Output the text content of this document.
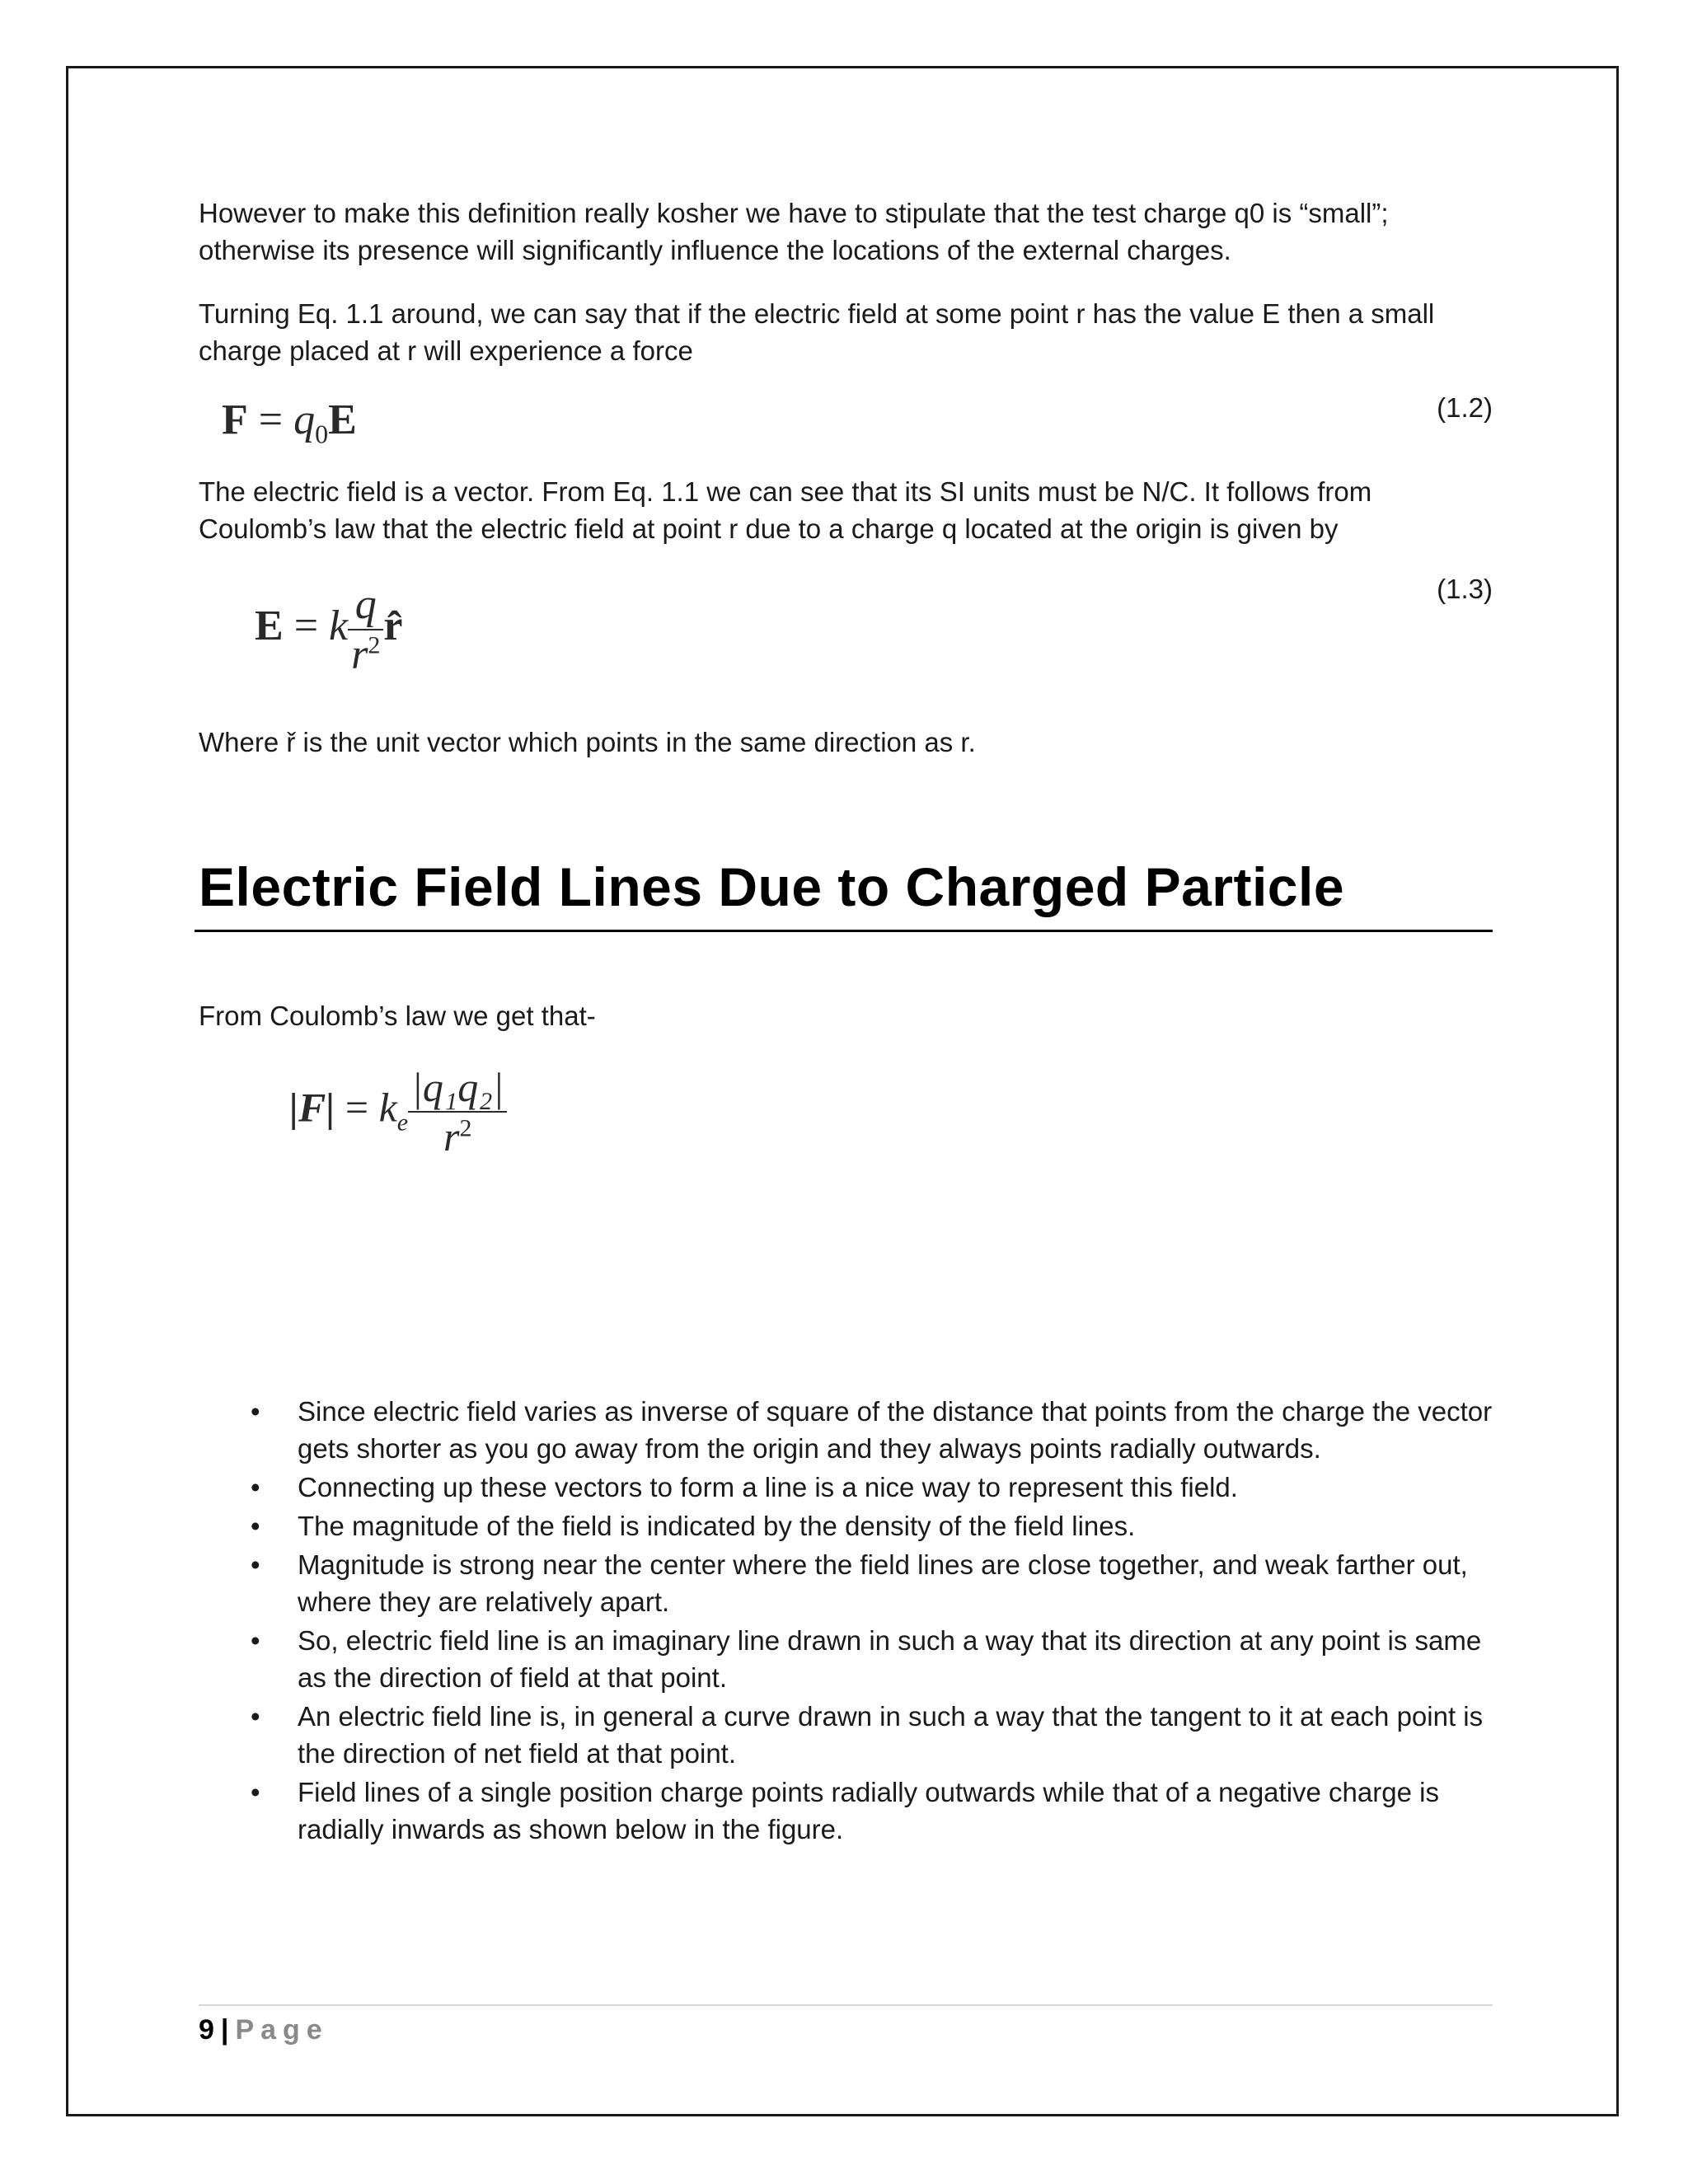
However to make this definition really kosher we have to stipulate that the test charge q0 is “small”; otherwise its presence will significantly influence the locations of the external charges.

Turning Eq. 1.1 around, we can say that if the electric field at some point r has the value E then a small charge placed at r will experience a force

$F = q_0E$	(1.2)

The electric field is a vector. From Eq. 1.1 we can see that its SI units must be N/C. It follows from Coulomb’s law that the electric field at point r due to a charge q located at the origin is given by

E = k $\frac{q}{r^2}$ r̂
(1.3)

Where ř is the unit vector which points in the same direction as r.

Electric Field Lines Due to Charged Particle

From Coulomb’s law we get that-

$|F| = k_e \frac{\text{|q₁q₂|}}{r^2}$
• Since electric field varies as inverse of square of the distance that points from the charge the vector gets shorter as you go away from the origin and they always points radially outwards.
• Connecting up these vectors to form a line is a nice way to represent this field.
• The magnitude of the field is indicated by the density of the field lines.
• Magnitude is strong near the center where the field lines are close together, and weak farther out, where they are relatively apart.
• So, electric field line is an imaginary line drawn in such a way that its direction at any point is same as the direction of field at that point.
• An electric field line is, in general a curve drawn in such a way that the tangent to it at each point is the direction of net field at that point.
• Field lines of a single position charge points radially outwards while that of a negative charge is radially inwards as shown below in the figure.
9 | Page
